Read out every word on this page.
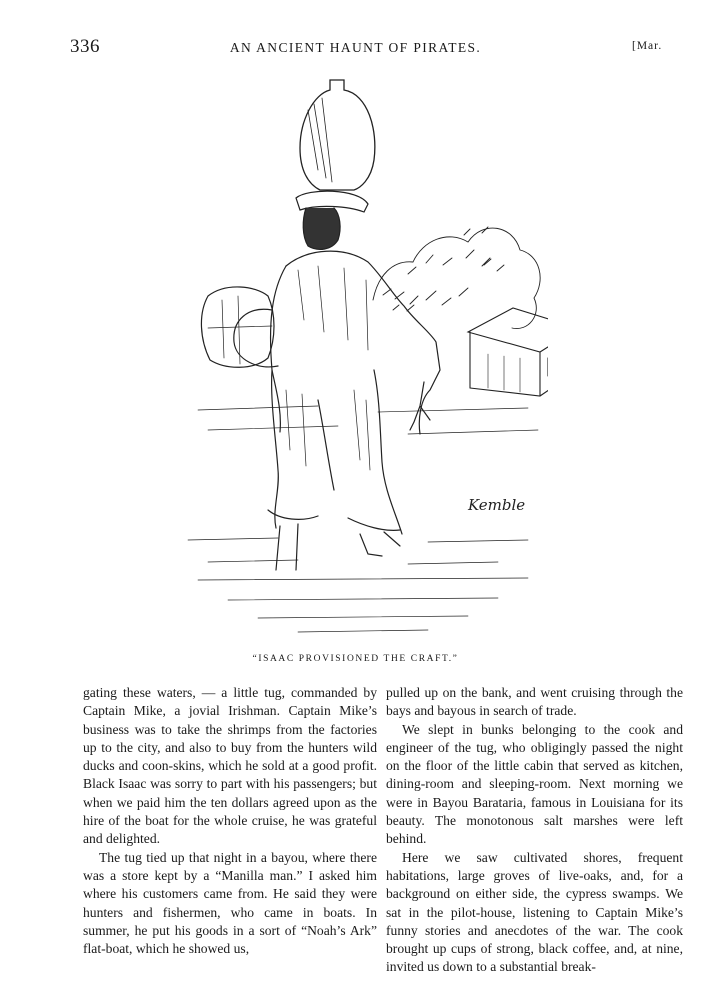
336	AN ANCIENT HAUNT OF PIRATES.	[Mar.
Kemble
“ISAAC PROVISIONED THE CRAFT.”

gating these waters, — a little tug, commanded by Captain Mike, a jovial Irishman. Captain Mike’s business was to take the shrimps from the factories up to the city, and also to buy from the hunters wild ducks and coon-skins, which he sold at a good profit. Black Isaac was sorry to part with his passengers; but when we paid him the ten dollars agreed upon as the hire of the boat for the whole cruise, he was grateful and delighted.

The tug tied up that night in a bayou, where there was a store kept by a “Manilla man.” I asked him where his customers came from. He said they were hunters and fishermen, who came in boats. In summer, he put his goods in a sort of “Noah’s Ark” flat-boat, which he showed us,

pulled up on the bank, and went cruising through the bays and bayous in search of trade.

We slept in bunks belonging to the cook and engineer of the tug, who obligingly passed the night on the floor of the little cabin that served as kitchen, dining-room and sleeping-room. Next morning we were in Bayou Barataria, famous in Louisiana for its beauty. The monotonous salt marshes were left behind.

Here we saw cultivated shores, frequent habitations, large groves of live-oaks, and, for a background on either side, the cypress swamps. We sat in the pilot-house, listening to Captain Mike’s funny stories and anecdotes of the war. The cook brought up cups of strong, black coffee, and, at nine, invited us down to a substantial break-
